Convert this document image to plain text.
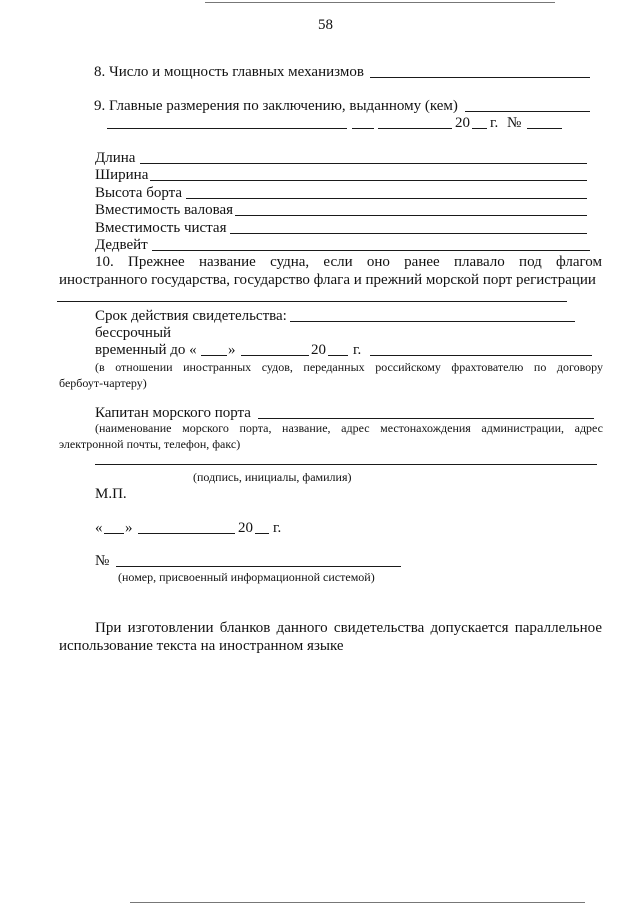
58
8. Число и мощность главных механизмов
9. Главные размерения по заключению, выданному (кем)
20 г. №
Длина
Ширина
Высота борта
Вместимость валовая
Вместимость чистая
Дедвейт
10. Прежнее название судна, если оно ранее плавало под флагом
иностранного государства, государство флага и прежний морской порт регистрации
Срок действия свидетельства:
бессрочный
временный до « »	20 г.
(в отношении иностранных судов, переданных российскому фрахтователю по договору
бербоут-чартеру)
Капитан морского порта
(наименование морского порта, название, адрес местонахождения администрации, адрес
электронной почты, телефон, факс)
(подпись, инициалы, фамилия)
М.П.
« »	20 г.
№
(номер, присвоенный информационной системой)
При изготовлении бланков данного свидетельства допускается параллельное
использование текста на иностранном языке
